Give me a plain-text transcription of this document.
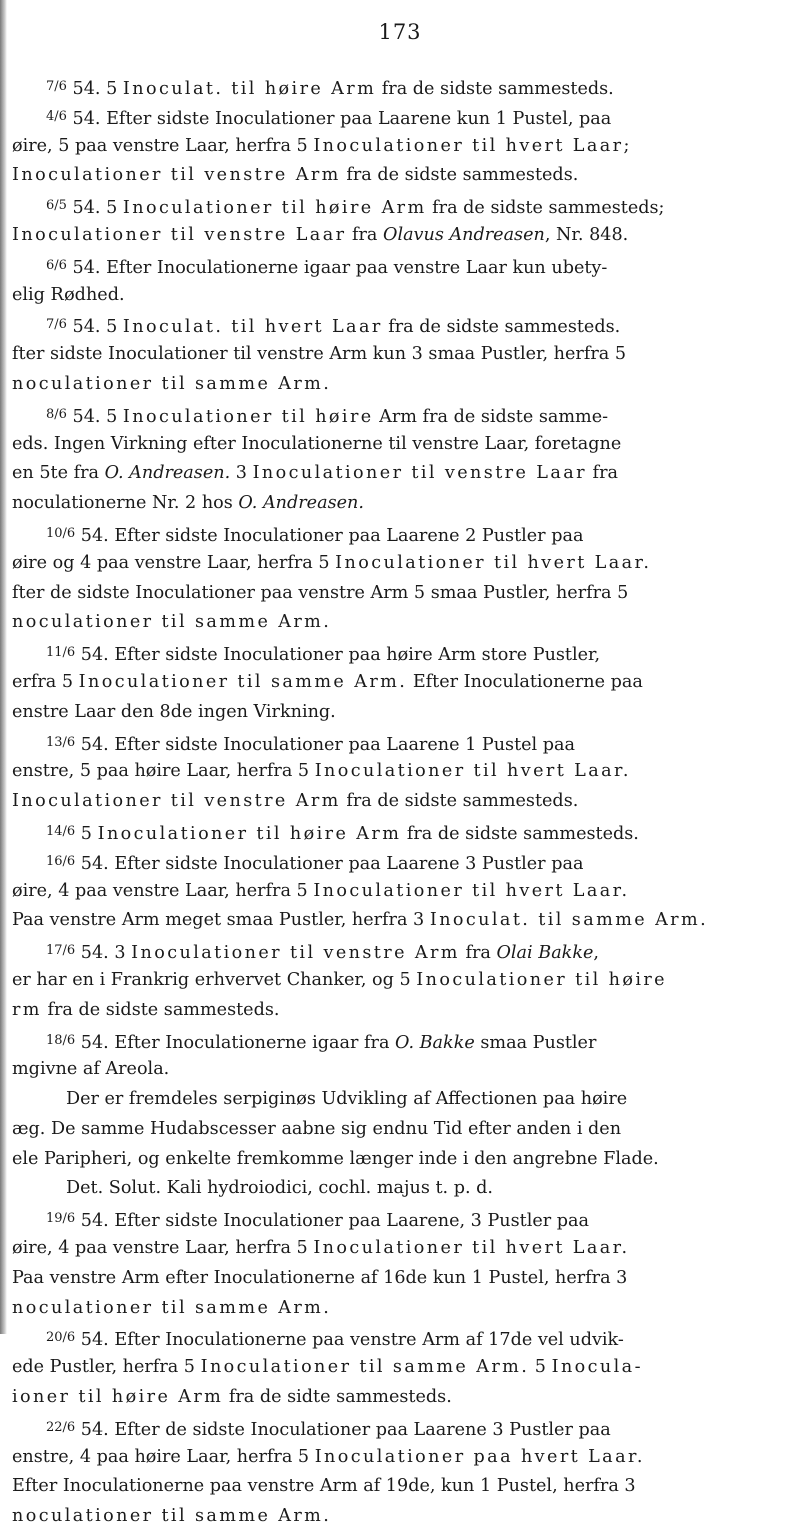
173
$^{7/6}$ 54. 5 Inoculat. til høire Arm fra de sidste sammesteds.
$^{4/6}$ 54. Efter sidste Inoculationer paa Laarene kun 1 Pustel, paa
øire, 5 paa venstre Laar, herfra 5 Inoculationer til hvert Laar;
Inoculationer til venstre Arm fra de sidste sammesteds.
$^{6/5}$ 54. 5 Inoculationer til høire Arm fra de sidste sammesteds;
Inoculationer til venstre Laar fra Olavus Andreasen, Nr. 848.
$^{6/6}$ 54. Efter Inoculationerne igaar paa venstre Laar kun ubety-
elig Rødhed.
$^{7/6}$ 54. 5 Inoculat. til hvert Laar fra de sidste sammesteds.
fter sidste Inoculationer til venstre Arm kun 3 smaa Pustler, herfra 5
noculationer til samme Arm.
$^{8/6}$ 54. 5 Inoculationer til høire Arm fra de sidste samme-
eds. Ingen Virkning efter Inoculationerne til venstre Laar, foretagne
en 5te fra O. Andreasen. 3 Inoculationer til venstre Laar fra
noculationerne Nr. 2 hos O. Andreasen.
$^{10/6}$ 54. Efter sidste Inoculationer paa Laarene 2 Pustler paa
øire og 4 paa venstre Laar, herfra 5 Inoculationer til hvert Laar.
fter de sidste Inoculationer paa venstre Arm 5 smaa Pustler, herfra 5
noculationer til samme Arm.
$^{11/6}$ 54. Efter sidste Inoculationer paa høire Arm store Pustler,
erfra 5 Inoculationer til samme Arm. Efter Inoculationerne paa
enstre Laar den 8de ingen Virkning.
$^{13/6}$ 54. Efter sidste Inoculationer paa Laarene 1 Pustel paa
enstre, 5 paa høire Laar, herfra 5 Inoculationer til hvert Laar.
Inoculationer til venstre Arm fra de sidste sammesteds.
$^{14/6}$ 5 Inoculationer til høire Arm fra de sidste sammesteds.
$^{16/6}$ 54. Efter sidste Inoculationer paa Laarene 3 Pustler paa
øire, 4 paa venstre Laar, herfra 5 Inoculationer til hvert Laar.
Paa venstre Arm meget smaa Pustler, herfra 3 Inoculat. til samme Arm.
$^{17/6}$ 54. 3 Inoculationer til venstre Arm fra Olai Bakke,
er har en i Frankrig erhvervet Chanker, og 5 Inoculationer til høire
rm fra de sidste sammesteds.
$^{18/6}$ 54. Efter Inoculationerne igaar fra O. Bakke smaa Pustler
mgivne af Areola.
Der er fremdeles serpiginøs Udvikling af Affectionen paa høire
æg. De samme Hudabscesser aabne sig endnu Tid efter anden i den
ele Paripheri, og enkelte fremkomme længer inde i den angrebne Flade.
Det. Solut. Kali hydroiodici, cochl. majus t. p. d.
$^{19/6}$ 54. Efter sidste Inoculationer paa Laarene, 3 Pustler paa
øire, 4 paa venstre Laar, herfra 5 Inoculationer til hvert Laar.
Paa venstre Arm efter Inoculationerne af 16de kun 1 Pustel, herfra 3
noculationer til samme Arm.
$^{20/6}$ 54. Efter Inoculationerne paa venstre Arm af 17de vel udvik-
ede Pustler, herfra 5 Inoculationer til samme Arm. 5 Inocula-
ioner til høire Arm fra de sidte sammesteds.
$^{22/6}$ 54. Efter de sidste Inoculationer paa Laarene 3 Pustler paa
enstre, 4 paa høire Laar, herfra 5 Inoculationer paa hvert Laar.
Efter Inoculationerne paa venstre Arm af 19de, kun 1 Pustel, herfra 3
noculationer til samme Arm.
